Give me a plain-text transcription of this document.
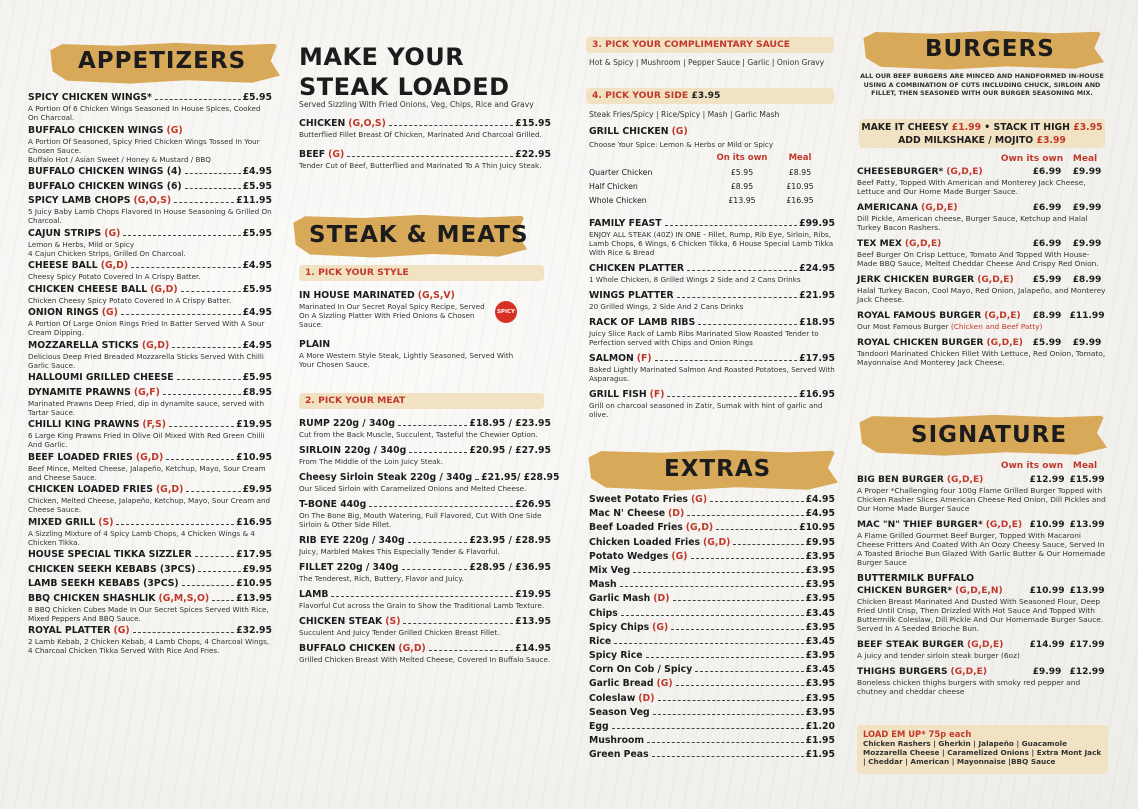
APPETIZERS
SPICY CHICKEN WINGS*	£5.95
A Portion Of 6 Chicken Wings Seasoned In House Spices, Cooked On Charcoal.
BUFFALO CHICKEN WINGS (G)
A Portion Of Seasoned, Spicy Fried Chicken Wings Tossed In Your Chosen Sauce.
Buffalo Hot / Asian Sweet / Honey & Mustard / BBQ
BUFFALO CHICKEN WINGS (4)	£4.95
BUFFALO CHICKEN WINGS (6)	£5.95
SPICY LAMB CHOPS (G,O,S)	£11.95
5 Juicy Baby Lamb Chops Flavored In House Seasoning & Grilled On Charcoal.
CAJUN STRIPS (G)	£5.95
Lemon & Herbs, Mild or Spicy
4 Cajun Chicken Strips, Grilled On Charcoal.
CHEESE BALL (G,D)	£4.95
Cheesy Spicy Potato Covered In A Crispy Batter.
CHICKEN CHEESE BALL (G,D)	£5.95
Chicken Cheesy Spicy Potato Covered In A Crispy Batter.
ONION RINGS (G)	£4.95
A Portion Of Large Onion Rings Fried In Batter Served With A Sour Cream Dipping.
MOZZARELLA STICKS (G,D)	£4.95
Delicious Deep Fried Breaded Mozzarella Sticks Served With Chilli Garlic Sauce.
HALLOUMI GRILLED CHEESE	£5.95
DYNAMITE PRAWNS (G,F)	£8.95
Marinated Prawns Deep Fried, dip in dynamite sauce, served with Tartar Sauce.
CHILLI KING PRAWNS (F,S)	£19.95
6 Large King Prawns Fried In Olive Oil Mixed With Red Green Chilli And Garlic.
BEEF LOADED FRIES (G,D)	£10.95
Beef Mince, Melted Cheese, Jalapeño, Ketchup, Mayo, Sour Cream and Cheese Sauce.
CHICKEN LOADED FRIES (G,D)	£9.95
Chicken, Melted Cheese, Jalapeño, Ketchup, Mayo, Sour Cream and Cheese Sauce.
MIXED GRILL (S)	£16.95
A Sizzling Mixture of 4 Spicy Lamb Chops, 4 Chicken Wings & 4 Chicken Tikka.
HOUSE SPECIAL TIKKA SIZZLER	£17.95
CHICKEN SEEKH KEBABS (3PCS)	£9.95
LAMB SEEKH KEBABS (3PCS)	£10.95
BBQ CHICKEN SHASHLIK (G,M,S,O)	£13.95
8 BBQ Chicken Cubes Made In Our Secret Spices Served With Rice, Mixed Peppers And BBQ Sauce.
ROYAL PLATTER (G)	£32.95
2 Lamb Kebab, 2 Chicken Kebab, 4 Lamb Chops, 4 Charcoal Wings, 4 Charcoal Chicken Tikka Served With Rice And Fries.
MAKE YOUR
STEAK LOADED
Served Sizzling With Fried Onions, Veg, Chips, Rice and Gravy
CHICKEN (G,O,S)	£15.95
Butterflied Fillet Breast Of Chicken, Marinated And Charcoal Grilled.
BEEF (G)	£22.95
Tender Cut of Beef, Butterflied and Marinated To A Thin Juicy Steak.
STEAK & MEATS
1. PICK YOUR STYLE
IN HOUSE MARINATED (G,S,V)
Marinated In Our Secret Royal Spicy Recipe, Served On A Sizzling Platter With Fried Onions & Chosen Sauce.
PLAIN
A More Western Style Steak, Lightly Seasoned, Served With Your Chosen Sauce.
SPICY
2. PICK YOUR MEAT
RUMP 220g / 340g	£18.95 / £23.95
Cut from the Back Muscle, Succulent, Tasteful the Chewier Option.
SIRLOIN 220g / 340g	£20.95 / £27.95
From The Middle of the Loin Juicy Steak.
Cheesy Sirloin Steak 220g / 340g £21.95/ £28.95
Our Sliced Sirloin with Caramelized Onions and Melted Cheese.
T-BONE 440g	£26.95
On The Bone Big, Mouth Watering, Full Flavored, Cut With One Side Sirloin & Other Side Fillet.
RIB EYE 220g / 340g	£23.95 / £28.95
Juicy, Marbled Makes This Especially Tender & Flavorful.
FILLET 220g / 340g	£28.95 / £36.95
The Tenderest, Rich, Buttery, Flavor and Juicy.
LAMB	£19.95
Flavorful Cut across the Grain to Show the Traditional Lamb Texture.
CHICKEN STEAK (S)	£13.95
Succulent And Juicy Tender Grilled Chicken Breast Fillet.
BUFFALO CHICKEN (G,D)	£14.95
Grilled Chicken Breast With Melted Cheese, Covered In Buffalo Sauce.
3. PICK YOUR COMPLIMENTARY SAUCE
Hot & Spicy | Mushroom | Pepper Sauce | Garlic | Onion Gravy
4. PICK YOUR SIDE £3.95
Steak Fries/Spicy | Rice/Spicy | Mash | Garlic Mash
GRILL CHICKEN (G)
Choose Your Spice: Lemon & Herbs or Mild or Spicy
On its own	Meal
Quarter Chicken	£5.95	£8.95
Half Chicken	£8.95	£10.95
Whole Chicken	£13.95	£16.95
FAMILY FEAST	£99.95
ENJOY ALL STEAK (40Z) IN ONE - Fillet, Rump, Rib Eye, Sirloin, Ribs, Lamb Chops, 6 Wings, 6 Chicken Tikka, 6 House Special Lamb Tikka With Rice & Bread
CHICKEN PLATTER	£24.95
1 Whole Chicken, 8 Grilled Wings 2 Side and 2 Cans Drinks
WINGS PLATTER	£21.95
20 Grilled Wings, 2 Side And 2 Cans Drinks
RACK OF LAMB RIBS	£18.95
Juicy Slice Rack of Lamb Ribs Marinated Slow Roasted Tender to Perfection served with Chips and Onion Rings
SALMON (F)	£17.95
Baked Lightly Marinated Salmon And Roasted Potatoes, Served With Asparagus.
GRILL FISH (F)	£16.95
Grill on charcoal seasoned in Zatir, Sumak with hint of garlic and olive.
EXTRAS
Sweet Potato Fries (G)	£4.95
Mac N' Cheese (D)	£4.95
Beef Loaded Fries (G,D)	£10.95
Chicken Loaded Fries (G,D)	£9.95
Potato Wedges (G)	£3.95
Mix Veg	£3.95
Mash	£3.95
Garlic Mash (D)	£3.95
Chips	£3.45
Spicy Chips (G)	£3.95
Rice	£3.45
Spicy Rice	£3.95
Corn On Cob / Spicy	£3.45
Garlic Bread (G)	£3.95
Coleslaw (D)	£3.95
Season Veg	£3.95
Egg	£1.20
Mushroom	£1.95
Green Peas	£1.95
BURGERS
ALL OUR BEEF BURGERS ARE MINCED AND HANDFORMED IN-HOUSE USING A COMBINATION OF CUTS INCLUDING CHUCK, SIRLOIN AND FILLET, THEN SEASONED WITH OUR BURGER SEASONING MIX.
MAKE IT CHEESY £1.99 • STACK IT HIGH £3.95
ADD MILKSHAKE / MOJITO £3.99
Own its own	Meal
CHEESEBURGER* (G,D,E)	£6.99	£9.99
Beef Patty, Topped With American and Monterey Jack Cheese, Lettuce and Our Home Made Burger Sauce.
AMERICANA (G,D,E)	£6.99	£9.99
Dill Pickle, American cheese, Burger Sauce, Ketchup and Halal Turkey Bacon Rashers.
TEX MEX (G,D,E)	£6.99	£9.99
Beef Burger On Crisp Lettuce, Tomato And Topped With House-Made BBQ Sauce, Melted Cheddar Cheese And Crispy Red Onion.
JERK CHICKEN BURGER (G,D,E)	£5.99	£8.99
Halal Turkey Bacon, Cool Mayo, Red Onion, Jalapeño, and Monterey Jack Cheese.
ROYAL FAMOUS BURGER (G,D,E)	£8.99 £11.99
Our Most Famous Burger (Chicken and Beef Patty)
ROYAL CHICKEN BURGER (G,D,E)	£5.99	£9.99
Tandoori Marinated Chicken Fillet With Lettuce, Red Onion, Tomato, Mayonnaise And Monterey Jack Cheese.
SIGNATURE
Own its own	Meal
BIG BEN BURGER (G,D,E)	£12.99 £15.99
A Proper *Challenging four 100g Flame Grilled Burger Topped with Chicken Rasher Slices American Cheese Red Onion, Dill Pickles and Our Home Made Burger Sauce
MAC "N" THIEF BURGER* (G,D,E) £10.99 £13.99
A Flame Grilled Gourmet Beef Burger, Topped With Macaroni Cheese Fritters And Coated With An Oozy Cheesy Sauce, Served In A Toasted Brioche Bun Glazed With Garlic Butter & Our Homemade Burger Sauce
BUTTERMILK BUFFALO
CHICKEN BURGER* (G,D,E,N)	£10.99 £13.99
Chicken Breast Marinated And Dusted With Seasoned Flour, Deep Fried Until Crisp, Then Drizzled With Hot Sauce And Topped With Buttermilk Coleslaw, Dill Pickle And Our Homemade Burger Sauce. Served In A Seeded Brioche Bun.
BEEF STEAK BURGER (G,D,E)	£14.99 £17.99
A juicy and tender sirloin steak burger (6oz)
THIGHS BURGERS (G,D,E)	£9.99 £12.99
Boneless chicken thighs burgers with smoky red pepper and chutney and cheddar cheese
LOAD EM UP* 75p each
Chicken Rashers | Gherkin | Jalapeño | Guacamole Mozzarella Cheese | Caramelized Onions | Extra Mont Jack | Cheddar | American | Mayonnaise |BBQ Sauce
